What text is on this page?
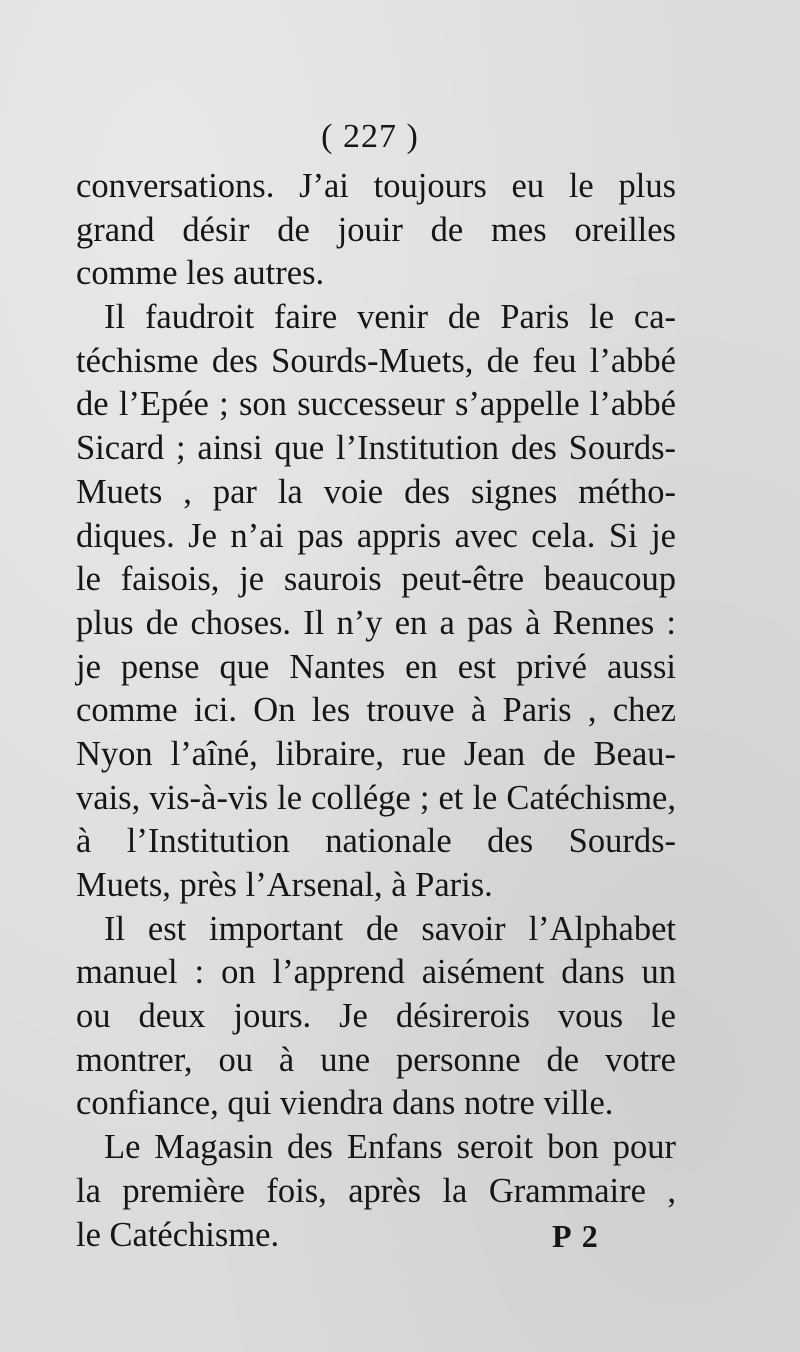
( 227 )
conversations. J’ai toujours eu le plus
grand désir de jouir de mes oreilles
comme les autres.
Il faudroit faire venir de Paris le ca-
téchisme des Sourds-Muets, de feu l’abbé
de l’Epée ; son successeur s’appelle l’abbé
Sicard ; ainsi que l’Institution des Sourds-
Muets , par la voie des signes métho-
diques. Je n’ai pas appris avec cela. Si je
le faisois, je saurois peut-être beaucoup
plus de choses. Il n’y en a pas à Rennes :
je pense que Nantes en est privé aussi
comme ici. On les trouve à Paris , chez
Nyon l’aîné, libraire, rue Jean de Beau-
vais, vis-à-vis le collége ; et le Catéchisme,
à l’Institution nationale des Sourds-
Muets, près l’Arsenal, à Paris.
Il est important de savoir l’Alphabet
manuel : on l’apprend aisément dans un
ou deux jours. Je désirerois vous le
montrer, ou à une personne de votre
confiance, qui viendra dans notre ville.
Le Magasin des Enfans seroit bon pour
la première fois, après la Grammaire ,
le Catéchisme.	P 2
